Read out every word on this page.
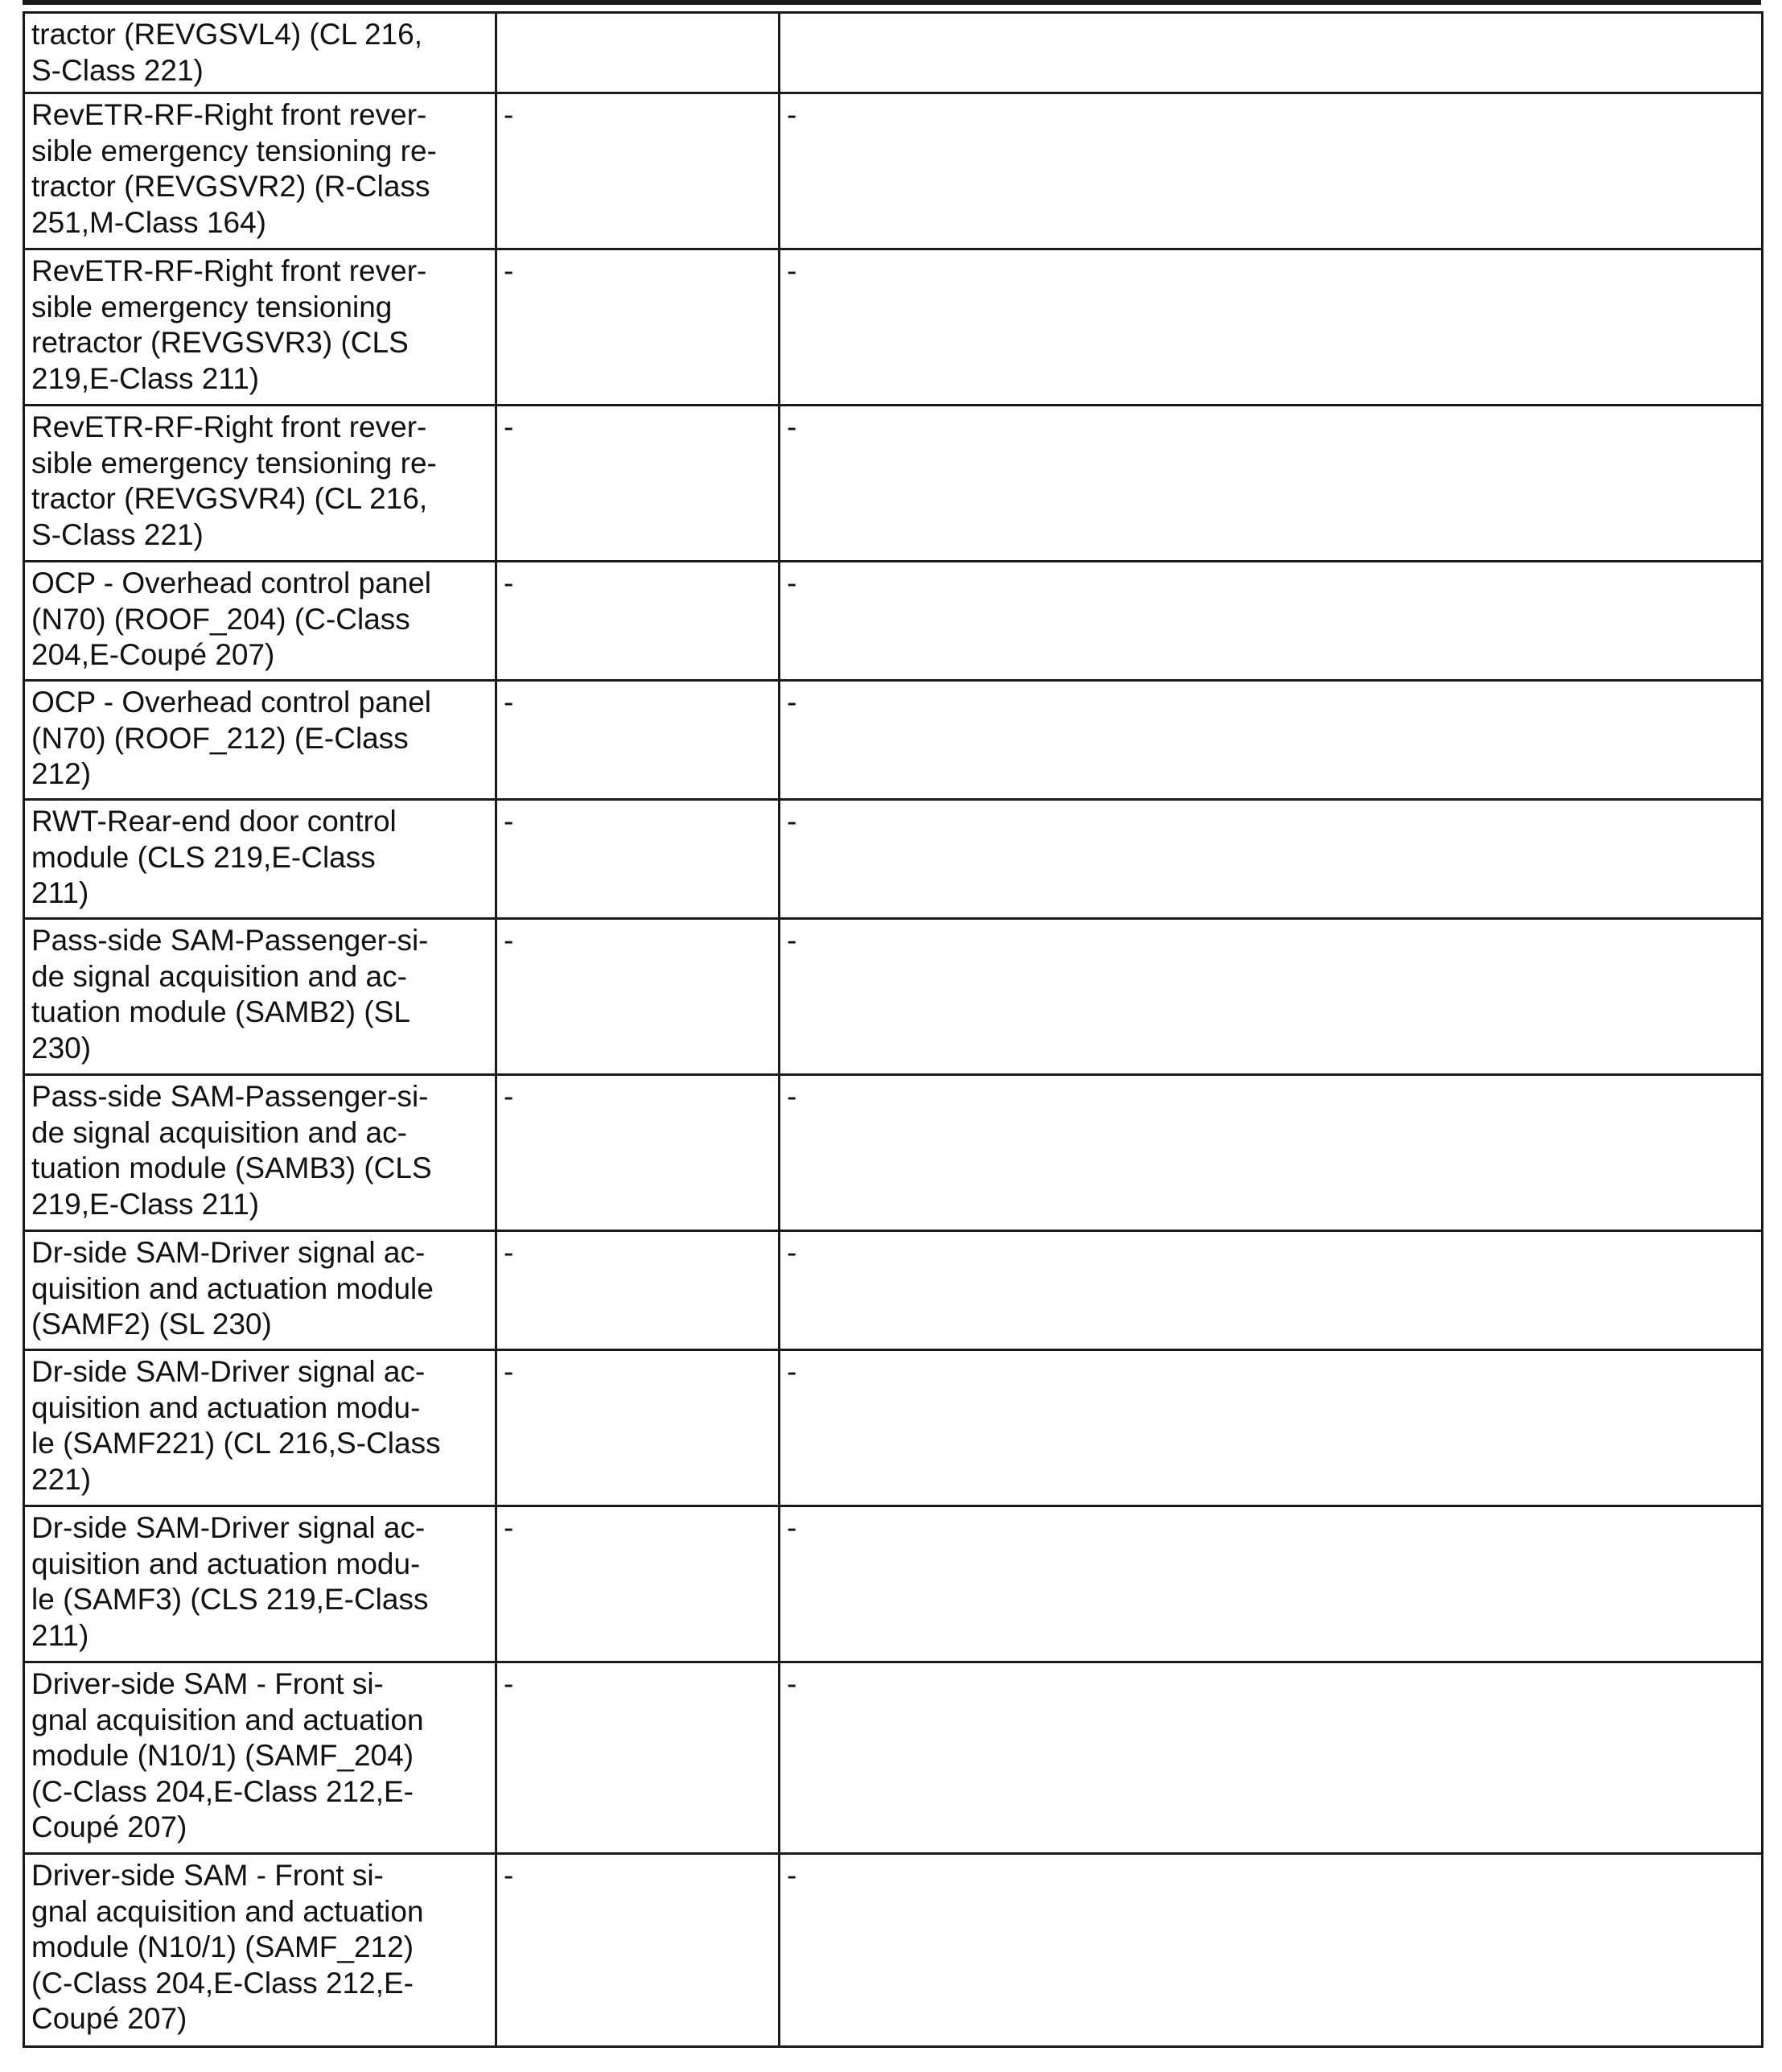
tractor (REVGSVL4) (CL 216,
S-Class 221)		

RevETR-RF-Right front rever-
sible emergency tensioning re-
tractor (REVGSVR2) (R-Class
251,M-Class 164)	-	-

RevETR-RF-Right front rever-
sible emergency tensioning
retractor (REVGSVR3) (CLS
219,E-Class 211)	-	-

RevETR-RF-Right front rever-
sible emergency tensioning re-
tractor (REVGSVR4) (CL 216,
S-Class 221)	-	-

OCP - Overhead control panel
(N70) (ROOF_204) (C-Class
204,E-Coupé 207)	-	-

OCP - Overhead control panel
(N70) (ROOF_212) (E-Class
212)	-	-

RWT-Rear-end door control
module (CLS 219,E-Class
211)	-	-

Pass-side SAM-Passenger-si-
de signal acquisition and ac-
tuation module (SAMB2) (SL
230)	-	-

Pass-side SAM-Passenger-si-
de signal acquisition and ac-
tuation module (SAMB3) (CLS
219,E-Class 211)	-	-

Dr-side SAM-Driver signal ac-
quisition and actuation module
(SAMF2) (SL 230)	-	-

Dr-side SAM-Driver signal ac-
quisition and actuation modu-
le (SAMF221) (CL 216,S-Class
221)	-	-

Dr-side SAM-Driver signal ac-
quisition and actuation modu-
le (SAMF3) (CLS 219,E-Class
211)	-	-

Driver-side SAM - Front si-
gnal acquisition and actuation
module (N10/1) (SAMF_204)
(C-Class 204,E-Class 212,E-
Coupé 207)	-	-

Driver-side SAM - Front si-
gnal acquisition and actuation
module (N10/1) (SAMF_212)
(C-Class 204,E-Class 212,E-
Coupé 207)	-	-
